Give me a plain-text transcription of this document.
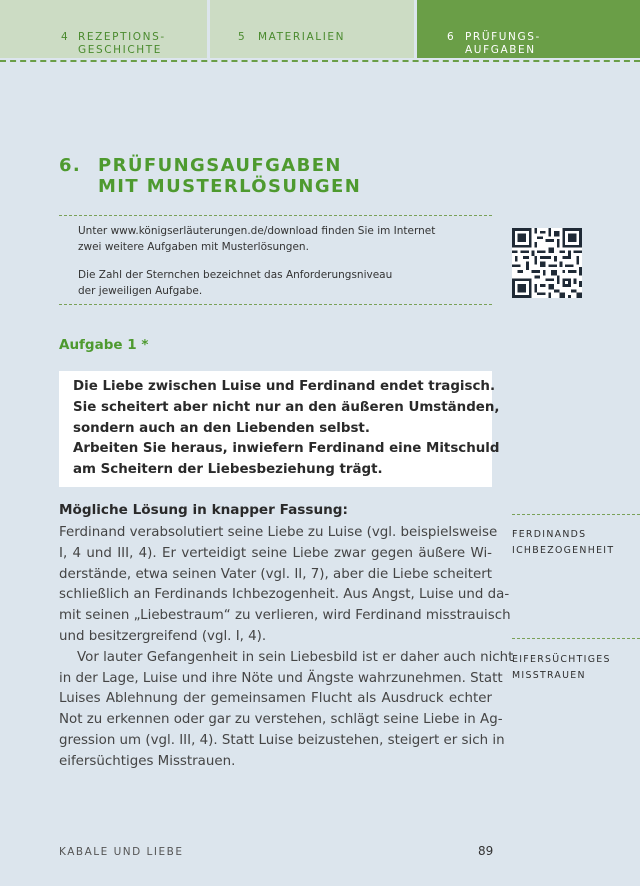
4 REZEPTIONS-
GESCHICHTE
5 MATERIALIEN	6 PRÜFUNGS-
AUFGABEN
6. PRÜFUNGSAUFGABEN
MIT MUSTERLÖSUNGEN
Unter www.königserläuterungen.de/download finden Sie im Internet
zwei weitere Aufgaben mit Musterlösungen.
Die Zahl der Sternchen bezeichnet das Anforderungsniveau
der jeweiligen Aufgabe.
Aufgabe 1 *

Die Liebe zwischen Luise und Ferdinand endet tragisch.

Sie scheitert aber nicht nur an den äußeren Umständen,

sondern auch an den Liebenden selbst.

Arbeiten Sie heraus, inwiefern Ferdinand eine Mitschuld

am Scheitern der Liebesbeziehung trägt.

Mögliche Lösung in knapper Fassung:
Ferdinand verabsolutiert seine Liebe zu Luise (vgl. beispielsweise
I, 4 und III, 4). Er verteidigt seine Liebe zwar gegen äußere Wi-
derstände, etwa seinen Vater (vgl. II, 7), aber die Liebe scheitert
schließlich an Ferdinands Ichbezogenheit. Aus Angst, Luise und da-
mit seinen „Liebestraum“ zu verlieren, wird Ferdinand misstrauisch
und besitzergreifend (vgl. I, 4).
Vor lauter Gefangenheit in sein Liebesbild ist er daher auch nicht
in der Lage, Luise und ihre Nöte und Ängste wahrzunehmen. Statt
Luises Ablehnung der gemeinsamen Flucht als Ausdruck echter
Not zu erkennen oder gar zu verstehen, schlägt seine Liebe in Ag-
gression um (vgl. III, 4). Statt Luise beizustehen, steigert er sich in
eifersüchtiges Misstrauen.
FERDINANDS
ICHBEZOGENHEIT
EIFERSÜCHTIGES
MISSTRAUEN
KABALE UND LIEBE	89
